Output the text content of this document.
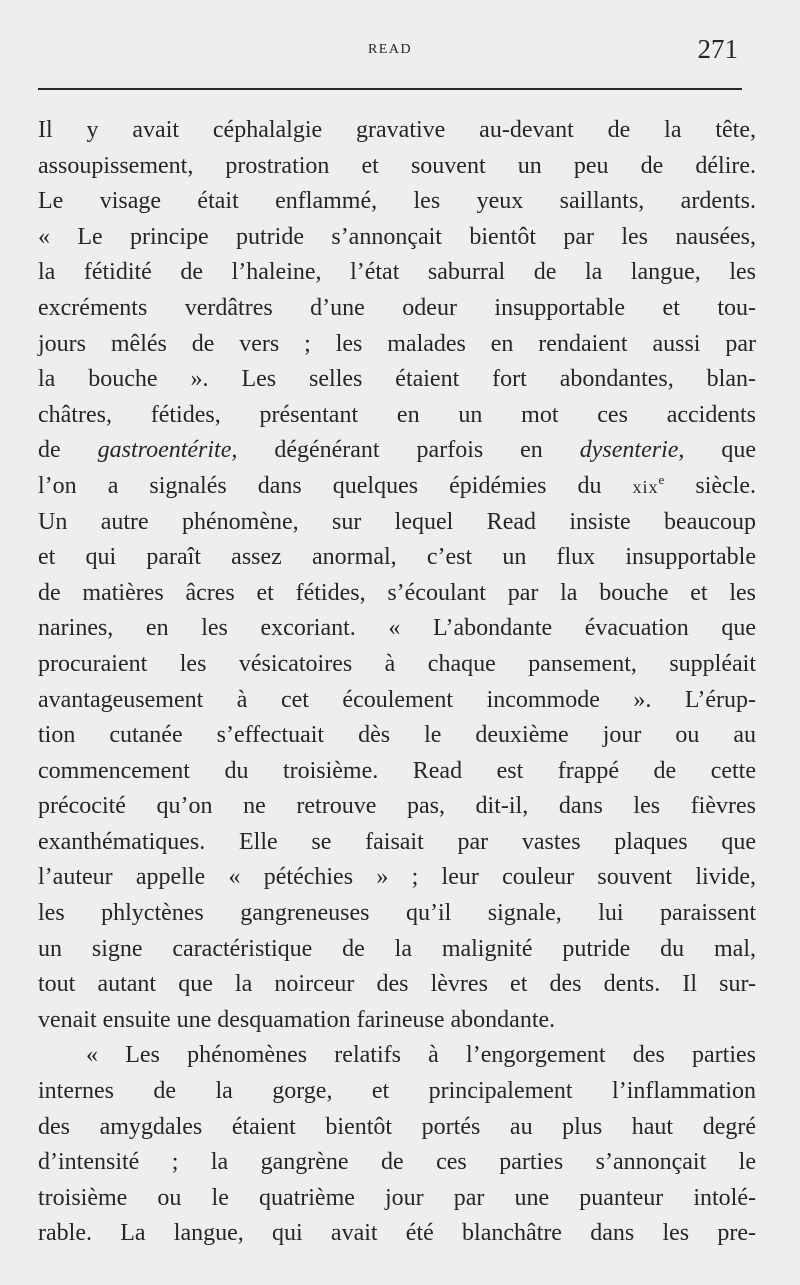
READ	271
Il y avait céphalalgie gravative au-devant de la tête,
assoupissement, prostration et souvent un peu de délire.
Le visage était enflammé, les yeux saillants, ardents.
« Le principe putride s’annonçait bientôt par les nausées,
la fétidité de l’haleine, l’état saburral de la langue, les
excréments verdâtres d’une odeur insupportable et tou-
jours mêlés de vers ; les malades en rendaient aussi par
la bouche ». Les selles étaient fort abondantes, blan-
châtres, fétides, présentant en un mot ces accidents
de gastroentérite, dégénérant parfois en dysenterie, que
l’on a signalés dans quelques épidémies du xix$^e$ siècle.
Un autre phénomène, sur lequel Read insiste beaucoup
et qui paraît assez anormal, c’est un flux insupportable
de matières âcres et fétides, s’écoulant par la bouche et les
narines, en les excoriant. « L’abondante évacuation que
procuraient les vésicatoires à chaque pansement, suppléait
avantageusement à cet écoulement incommode ». L’érup-
tion cutanée s’effectuait dès le deuxième jour ou au
commencement du troisième. Read est frappé de cette
précocité qu’on ne retrouve pas, dit-il, dans les fièvres
exanthématiques. Elle se faisait par vastes plaques que
l’auteur appelle « pétéchies » ; leur couleur souvent livide,
les phlyctènes gangreneuses qu’il signale, lui paraissent
un signe caractéristique de la malignité putride du mal,
tout autant que la noirceur des lèvres et des dents. Il sur-
venait ensuite une desquamation farineuse abondante.
« Les phénomènes relatifs à l’engorgement des parties
internes de la gorge, et principalement l’inflammation
des amygdales étaient bientôt portés au plus haut degré
d’intensité ; la gangrène de ces parties s’annonçait le
troisième ou le quatrième jour par une puanteur intolé-
rable. La langue, qui avait été blanchâtre dans les pre-
